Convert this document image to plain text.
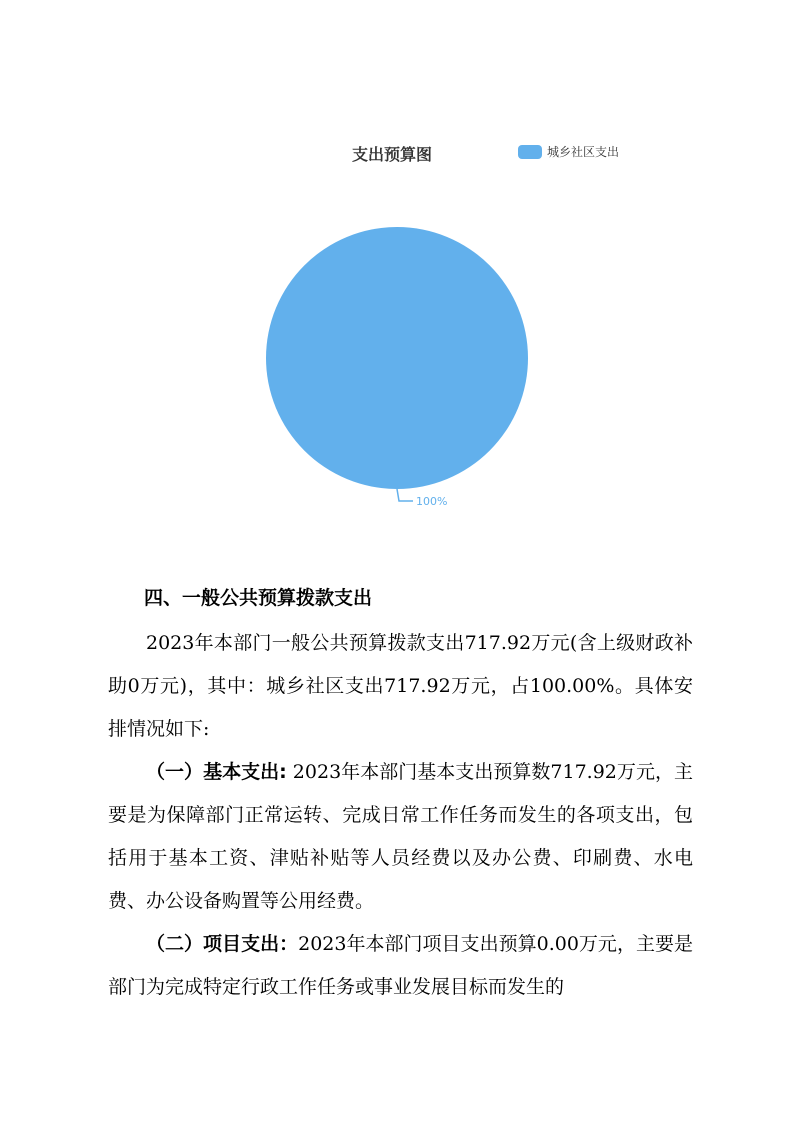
支出预算图	城乡社区支出
100%
四、一般公共预算拨款支出

2023年本部门一般公共预算拨款支出717.92万元(含上级财政补助0万元)，其中：城乡社区支出717.92万元，占100.00%。具体安排情况如下:

（一）基本支出: 2023年本部门基本支出预算数717.92万元，主要是为保障部门正常运转、完成日常工作任务而发生的各项支出，包括用于基本工资、津贴补贴等人员经费以及办公费、印刷费、水电费、办公设备购置等公用经费。

（二）项目支出：2023年本部门项目支出预算0.00万元，主要是部门为完成特定行政工作任务或事业发展目标而发生的
